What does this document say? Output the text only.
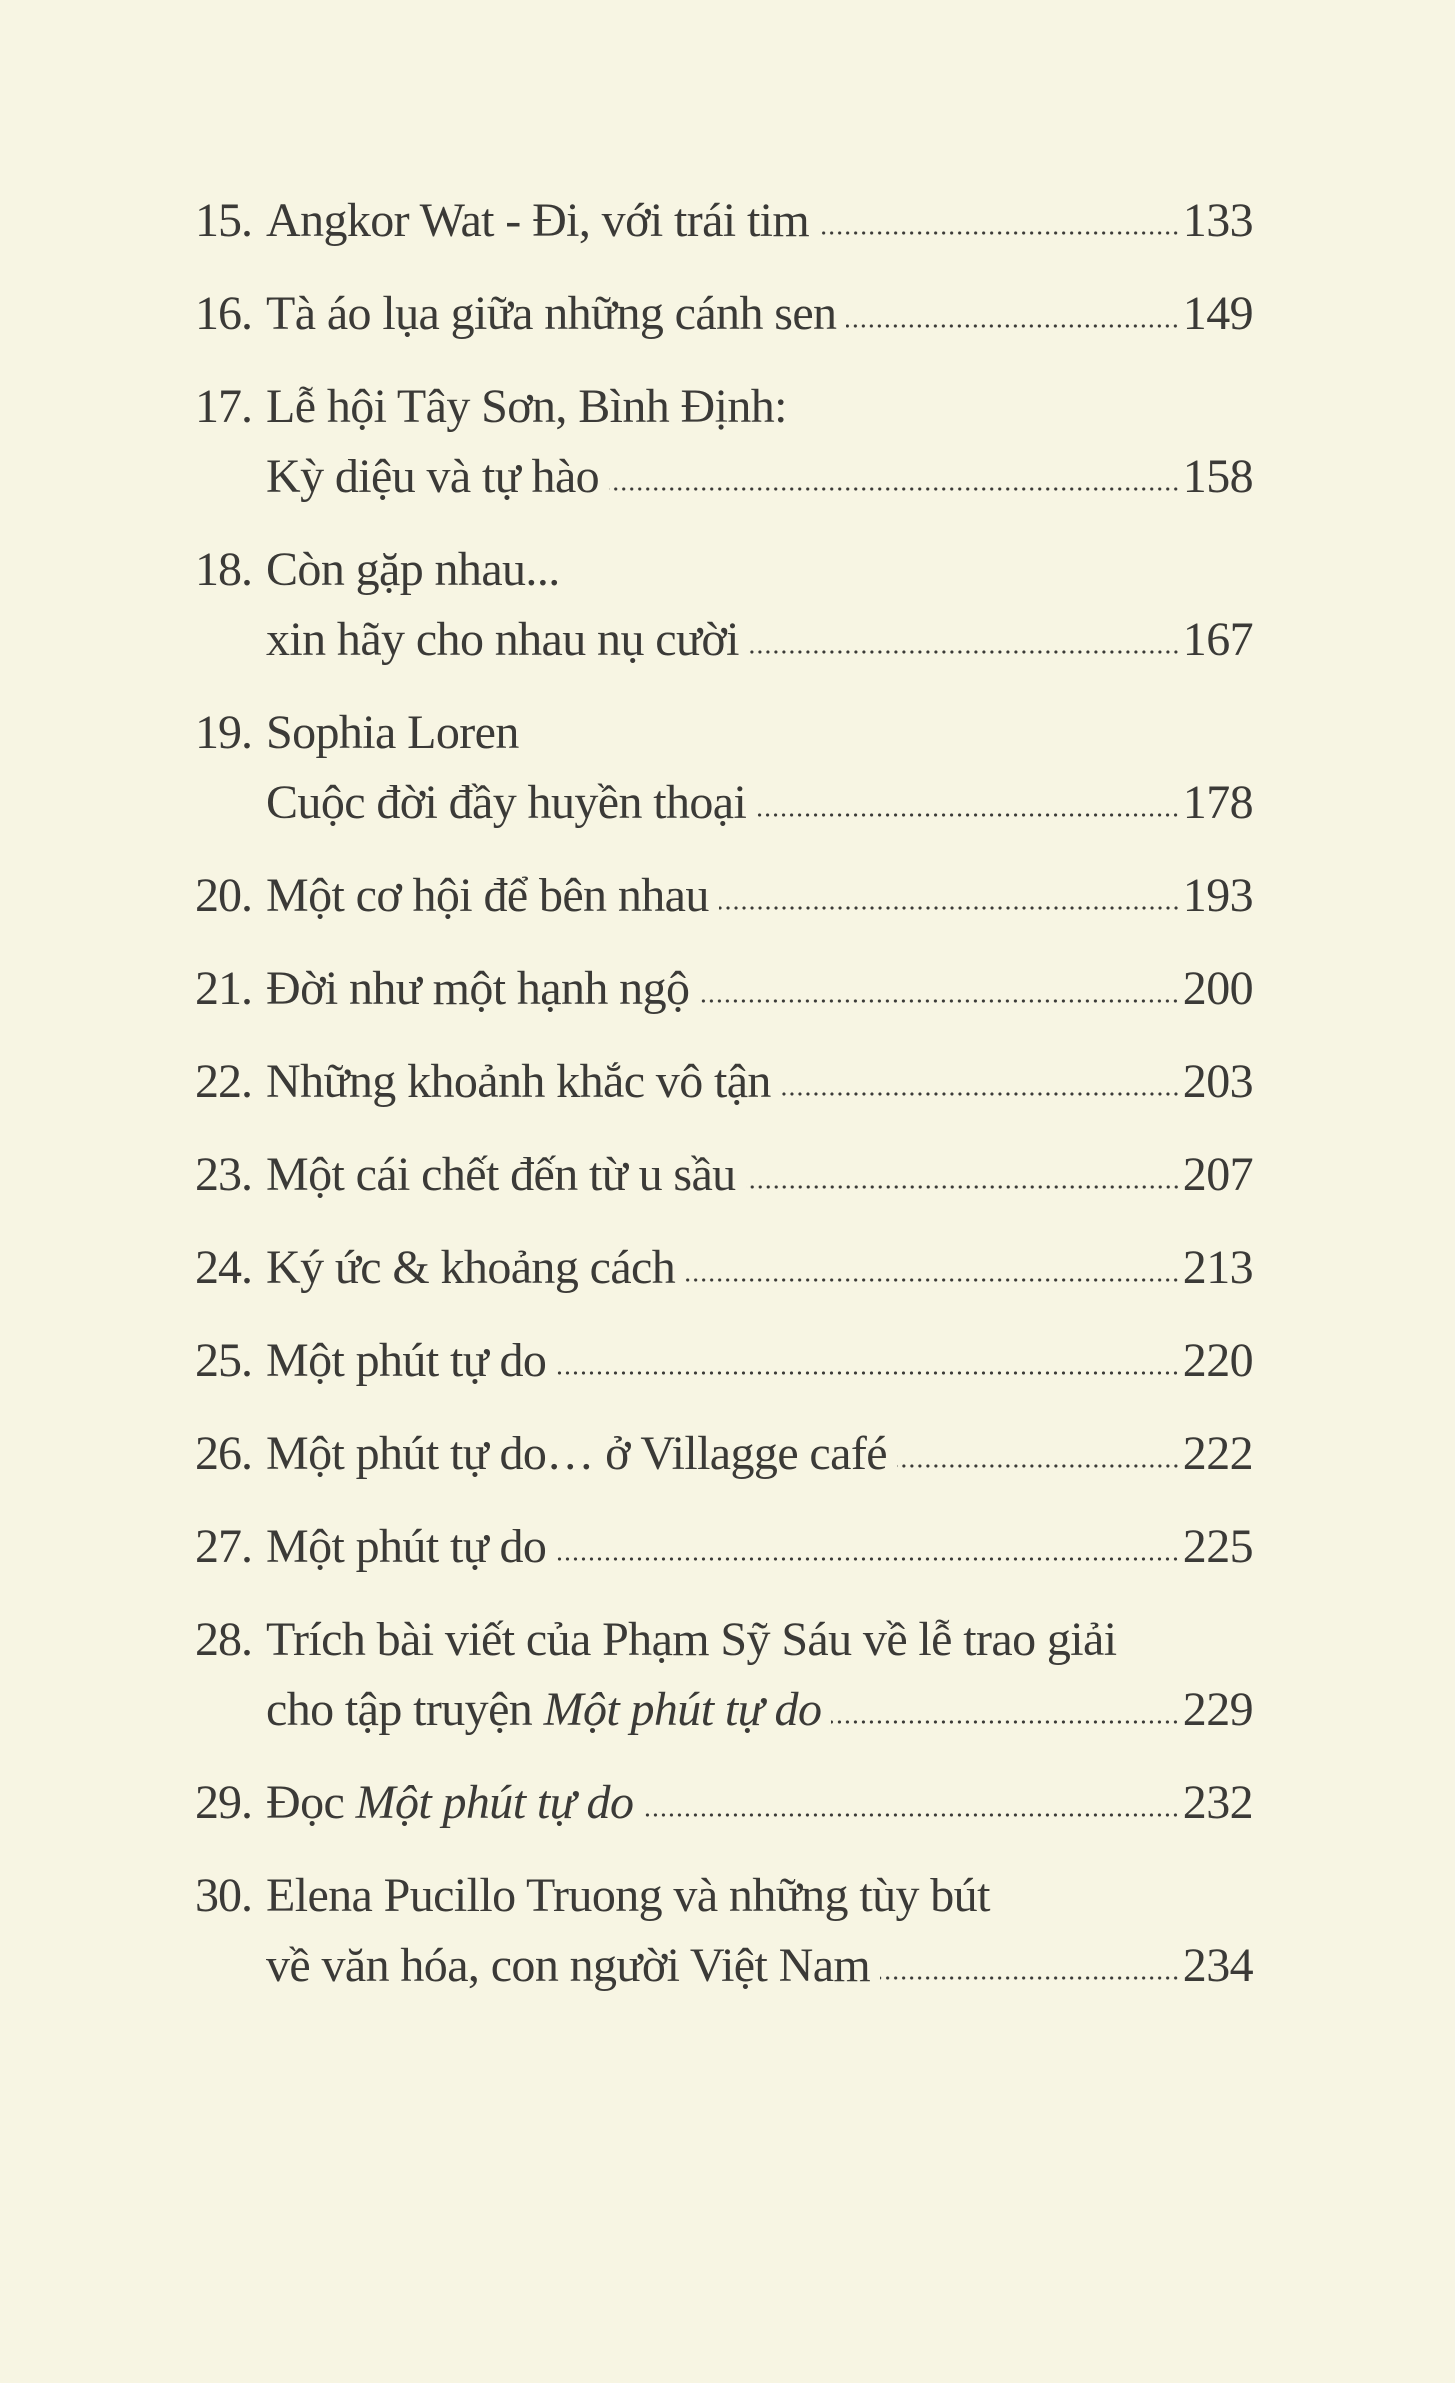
15. Angkor Wat - Đi, với trái tim	133
16. Tà áo lụa giữa những cánh sen	149
17. Lễ hội Tây Sơn, Bình Định:
Kỳ diệu và tự hào	158
18. Còn gặp nhau...
xin hãy cho nhau nụ cười	167
19. Sophia Loren
Cuộc đời đầy huyền thoại	178
20. Một cơ hội để bên nhau	193
21. Đời như một hạnh ngộ	200
22. Những khoảnh khắc vô tận	203
23. Một cái chết đến từ u sầu	207
24. Ký ức & khoảng cách	213
25. Một phút tự do	220
26. Một phút tự do… ở Villagge café	222
27. Một phút tự do	225
28. Trích bài viết của Phạm Sỹ Sáu về lễ trao giải
cho tập truyện Một phút tự do	229
29. Đọc Một phút tự do	232
30. Elena Pucillo Truong và những tùy bút
về văn hóa, con người Việt Nam	234
